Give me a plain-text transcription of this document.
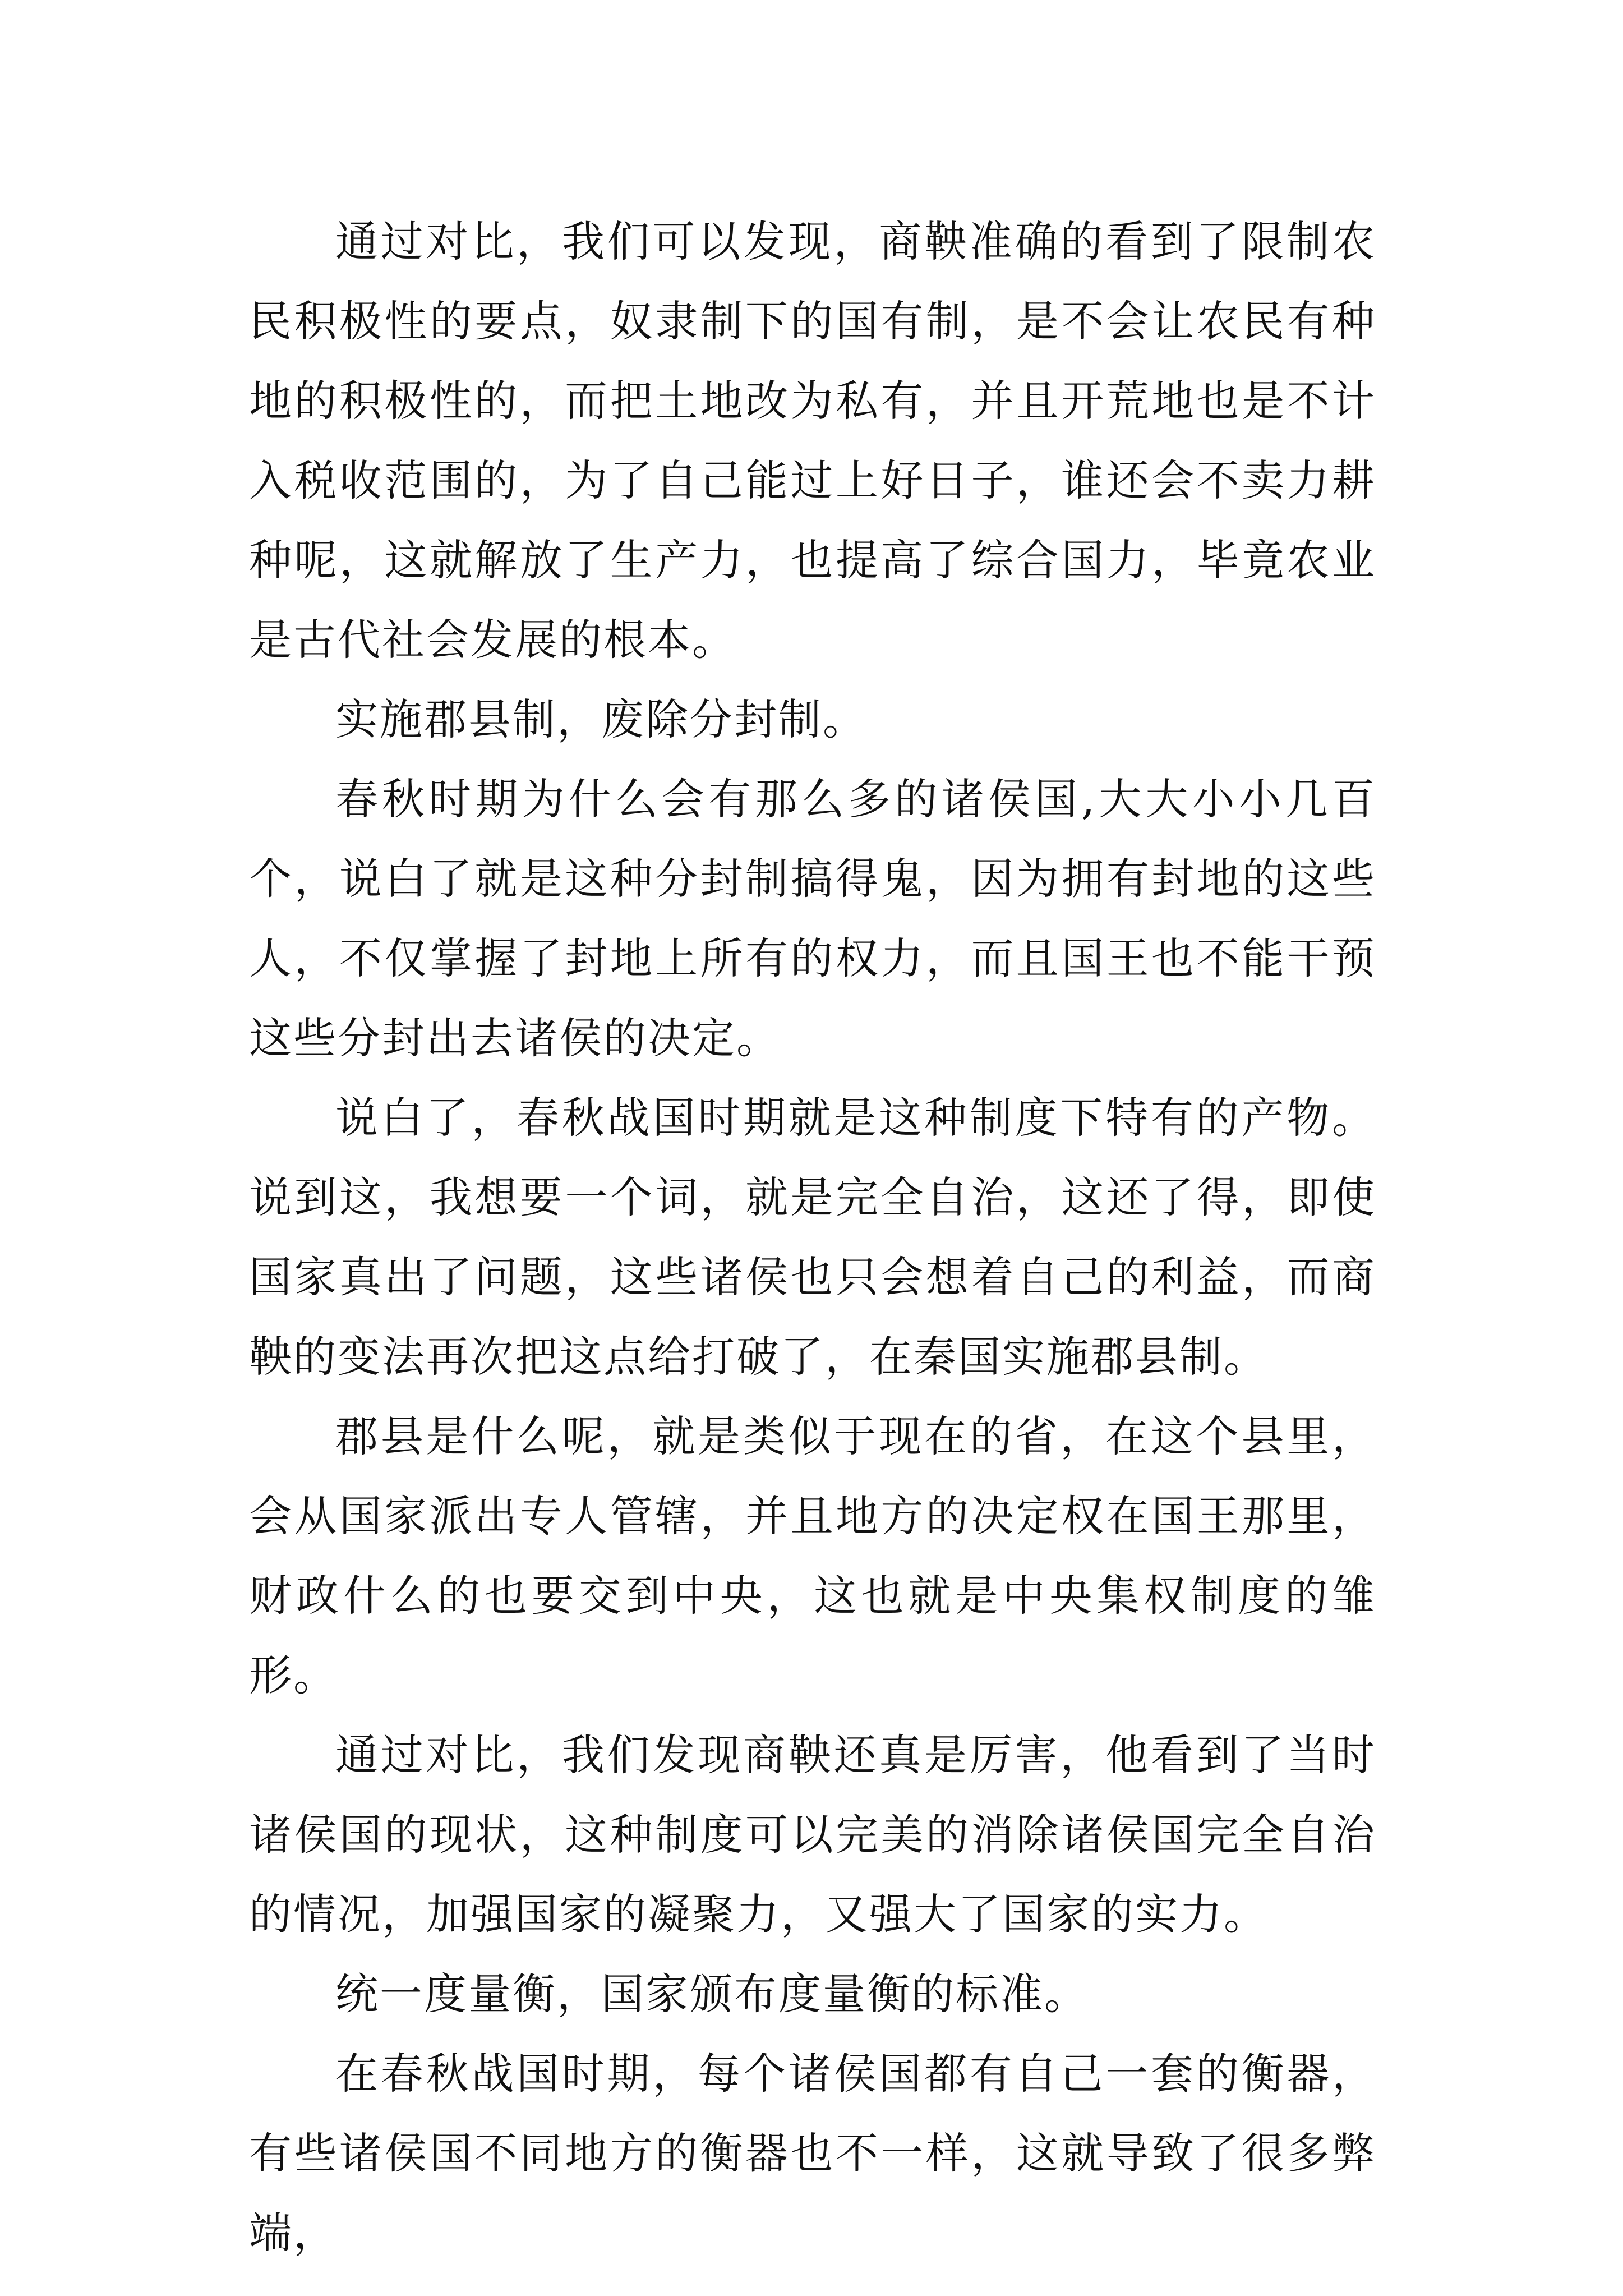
通过对比，我们可以发现，商鞅准确的看到了限制农民积极性的要点，奴隶制下的国有制，是不会让农民有种地的积极性的，而把土地改为私有，并且开荒地也是不计入税收范围的，为了自己能过上好日子，谁还会不卖力耕种呢，这就解放了生产力，也提高了综合国力，毕竟农业是古代社会发展的根本。

实施郡县制，废除分封制。

春秋时期为什么会有那么多的诸侯国,大大小小几百个，说白了就是这种分封制搞得鬼，因为拥有封地的这些人，不仅掌握了封地上所有的权力，而且国王也不能干预这些分封出去诸侯的决定。

说白了，春秋战国时期就是这种制度下特有的产物。说到这，我想要一个词，就是完全自治，这还了得，即使国家真出了问题，这些诸侯也只会想着自己的利益，而商鞅的变法再次把这点给打破了，在秦国实施郡县制。

郡县是什么呢，就是类似于现在的省，在这个县里，会从国家派出专人管辖，并且地方的决定权在国王那里，财政什么的也要交到中央，这也就是中央集权制度的雏形。

通过对比，我们发现商鞅还真是厉害，他看到了当时诸侯国的现状，这种制度可以完美的消除诸侯国完全自治的情况，加强国家的凝聚力，又强大了国家的实力。

统一度量衡，国家颁布度量衡的标准。

在春秋战国时期，每个诸侯国都有自己一套的衡器，有些诸侯国不同地方的衡器也不一样，这就导致了很多弊端，
